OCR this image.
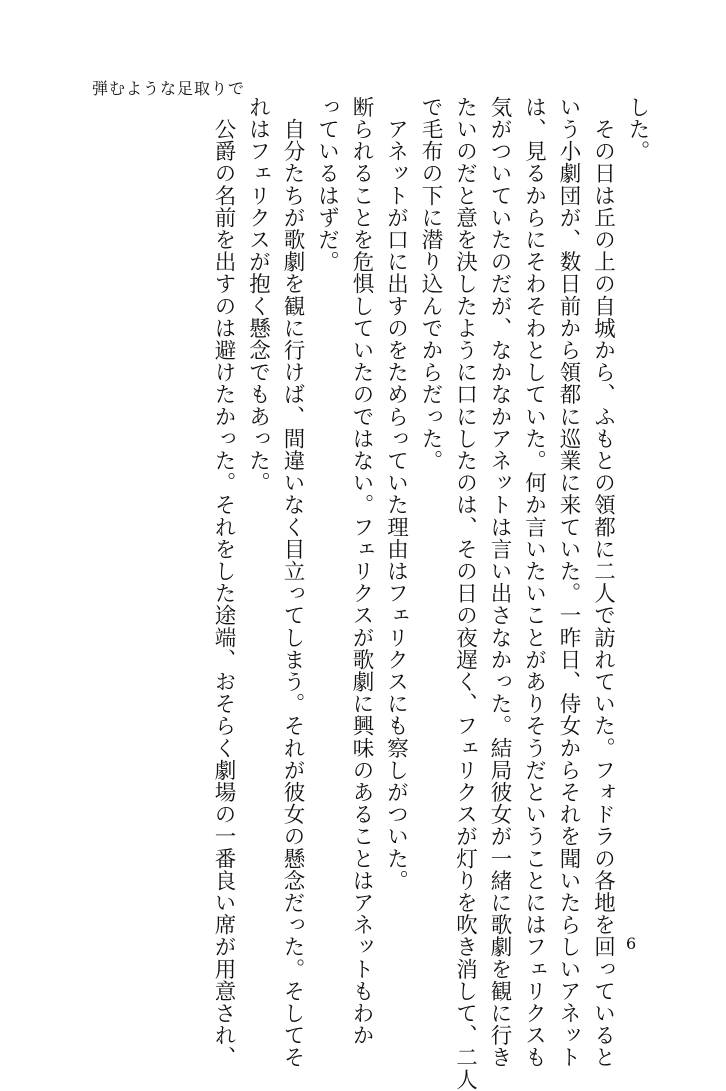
弾むような足取りで

した。

　その日は丘の上の自城から、ふもとの領都に二人で訪れていた。フォドラの各地を回っていると

いう小劇団が、数日前から領都に巡業に来ていた。一昨日、侍女からそれを聞いたらしいアネット

は、見るからにそわそわとしていた。何か言いたいことがありそうだということにはフェリクスも

気がついていたのだが、なかなかアネットは言い出さなかった。結局彼女が一緒に歌劇を観に行き

たいのだと意を決したように口にしたのは、その日の夜遅く、フェリクスが灯りを吹き消して、二人

で毛布の下に潜り込んでからだった。

　アネットが口に出すのをためらっていた理由はフェリクスにも察しがついた。

断られることを危惧していたのではない。フェリクスが歌劇に興味のあることはアネットもわか

っているはずだ。

　自分たちが歌劇を観に行けば、間違いなく目立ってしまう。それが彼女の懸念だった。そしてそ

れはフェリクスが抱く懸念でもあった。

　公爵の名前を出すのは避けたかった。それをした途端、おそらく劇場の一番良い席が用意され、	6
